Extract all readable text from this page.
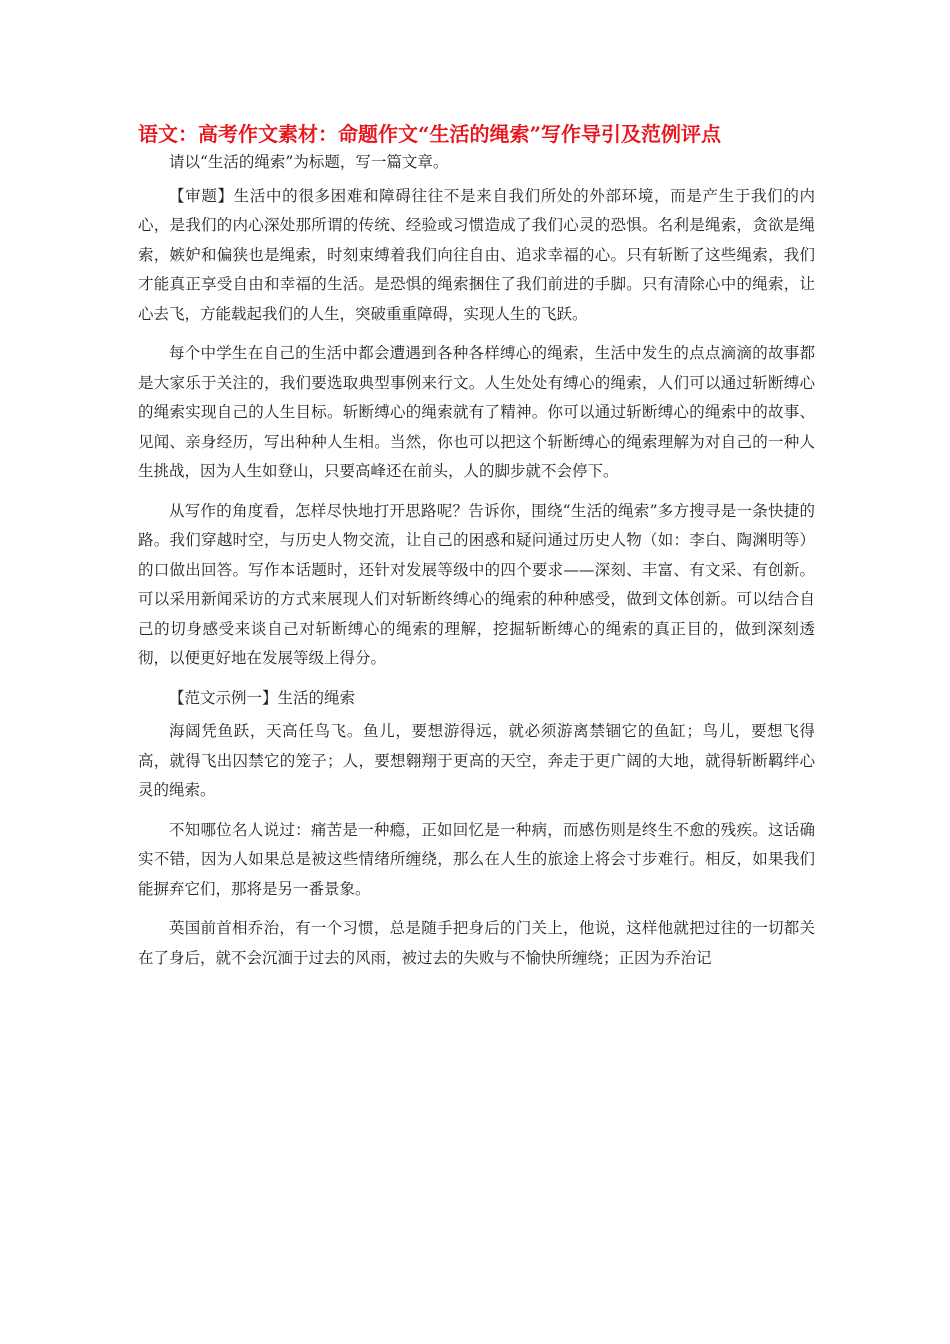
语文：高考作文素材：命题作文“生活的绳索”写作导引及范例评点

请以“生活的绳索”为标题，写一篇文章。

【审题】生活中的很多困难和障碍往往不是来自我们所处的外部环境，而是产生于我们的内心，是我们的内心深处那所谓的传统、经验或习惯造成了我们心灵的恐惧。名利是绳索，贪欲是绳索，嫉妒和偏狭也是绳索，时刻束缚着我们向往自由、追求幸福的心。只有斩断了这些绳索，我们才能真正享受自由和幸福的生活。是恐惧的绳索捆住了我们前进的手脚。只有清除心中的绳索，让心去飞，方能载起我们的人生，突破重重障碍，实现人生的飞跃。

每个中学生在自己的生活中都会遭遇到各种各样缚心的绳索，生活中发生的点点滴滴的故事都是大家乐于关注的，我们要选取典型事例来行文。人生处处有缚心的绳索，人们可以通过斩断缚心的绳索实现自己的人生目标。斩断缚心的绳索就有了精神。你可以通过斩断缚心的绳索中的故事、见闻、亲身经历，写出种种人生相。当然，你也可以把这个斩断缚心的绳索理解为对自己的一种人生挑战，因为人生如登山，只要高峰还在前头，人的脚步就不会停下。

从写作的角度看，怎样尽快地打开思路呢？告诉你，围绕“生活的绳索”多方搜寻是一条快捷的路。我们穿越时空，与历史人物交流，让自己的困惑和疑问通过历史人物（如：李白、陶渊明等）的口做出回答。写作本话题时，还针对发展等级中的四个要求——深刻、丰富、有文采、有创新。可以采用新闻采访的方式来展现人们对斩断终缚心的绳索的种种感受，做到文体创新。可以结合自己的切身感受来谈自己对斩断缚心的绳索的理解，挖掘斩断缚心的绳索的真正目的，做到深刻透彻，以便更好地在发展等级上得分。

【范文示例一】生活的绳索

海阔凭鱼跃，天高任鸟飞。鱼儿，要想游得远，就必须游离禁锢它的鱼缸；鸟儿，要想飞得高，就得飞出囚禁它的笼子；人，要想翱翔于更高的天空，奔走于更广阔的大地，就得斩断羁绊心灵的绳索。

不知哪位名人说过：痛苦是一种瘾，正如回忆是一种病，而感伤则是终生不愈的残疾。这话确实不错，因为人如果总是被这些情绪所缠绕，那么在人生的旅途上将会寸步难行。相反，如果我们能摒弃它们，那将是另一番景象。

英国前首相乔治，有一个习惯，总是随手把身后的门关上，他说，这样他就把过往的一切都关在了身后，就不会沉湎于过去的风雨，被过去的失败与不愉快所缠绕；正因为乔治记
